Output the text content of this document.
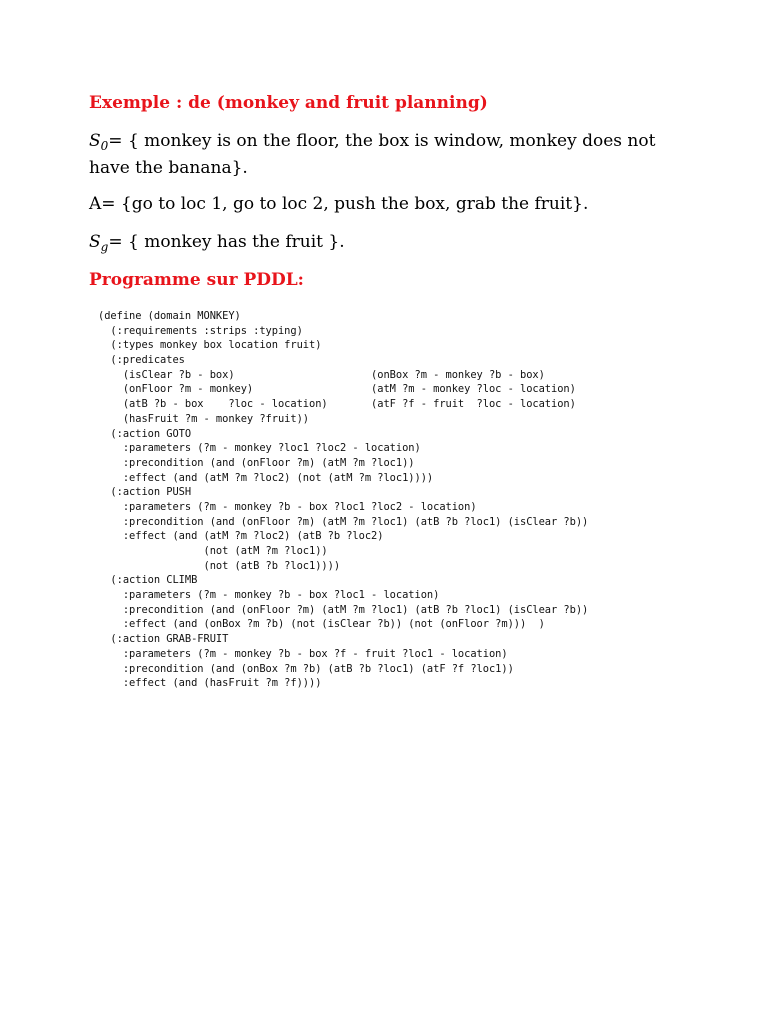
Exemple : de (monkey and fruit planning)
$S_0=$ { monkey is on the floor, the box is window, monkey does not
have the banana}.
A= {go to loc 1, go to loc 2, push the box, grab the fruit}.
$S_g=$ { monkey has the fruit }.
Programme sur PDDL:
(define (domain MONKEY)
(:requirements :strips :typing)
(:types monkey box location fruit)
(:predicates
(isClear ?b - box)                      (onBox ?m - monkey ?b - box)
(onFloor ?m - monkey)                   (atM ?m - monkey ?loc - location)
(atB ?b - box    ?loc - location)       (atF ?f - fruit  ?loc - location)
(hasFruit ?m - monkey ?fruit))
(:action GOTO
:parameters (?m - monkey ?loc1 ?loc2 - location)
:precondition (and (onFloor ?m) (atM ?m ?loc1))
:effect (and (atM ?m ?loc2) (not (atM ?m ?loc1))))
(:action PUSH
:parameters (?m - monkey ?b - box ?loc1 ?loc2 - location)
:precondition (and (onFloor ?m) (atM ?m ?loc1) (atB ?b ?loc1) (isClear ?b))
:effect (and (atM ?m ?loc2) (atB ?b ?loc2)
(not (atM ?m ?loc1))
(not (atB ?b ?loc1))))
(:action CLIMB
:parameters (?m - monkey ?b - box ?loc1 - location)
:precondition (and (onFloor ?m) (atM ?m ?loc1) (atB ?b ?loc1) (isClear ?b))
:effect (and (onBox ?m ?b) (not (isClear ?b)) (not (onFloor ?m)))  )
(:action GRAB-FRUIT
:parameters (?m - monkey ?b - box ?f - fruit ?loc1 - location)
:precondition (and (onBox ?m ?b) (atB ?b ?loc1) (atF ?f ?loc1))
:effect (and (hasFruit ?m ?f))))
